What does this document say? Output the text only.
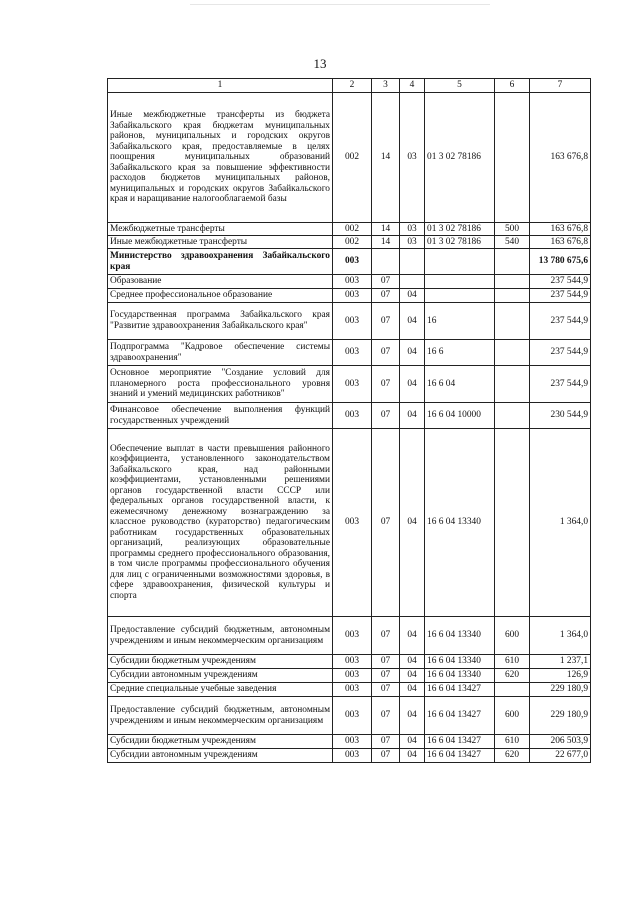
13
1	2	3	4	5	6	7
Иные межбюджетные трансферты из бюджета Забайкальского края бюджетам муниципальных районов, муниципальных и городских округов Забайкальского края, предоставляемые в целях поощрения муниципальных образований Забайкальского края за повышение эффективности расходов бюджетов муниципальных районов, муниципальных и городских округов Забайкальского края и наращивание налогооблагаемой базы	002	14	03	01 3 02 78186		163 676,8
Межбюджетные трансферты	002	14	03	01 3 02 78186	500	163 676,8
Иные межбюджетные трансферты	002	14	03	01 3 02 78186	540	163 676,8
Министерство здравоохранения Забайкальского края	003					13 780 675,6
Образование	003	07				237 544,9
Среднее профессиональное образование	003	07	04			237 544,9
Государственная программа Забайкальского края "Развитие здравоохранения Забайкальского края"	003	07	04	16		237 544,9
Подпрограмма "Кадровое обеспечение системы здравоохранения"	003	07	04	16 6		237 544,9
Основное мероприятие "Создание условий для планомерного роста профессионального уровня знаний и умений медицинских работников"	003	07	04	16 6 04		237 544,9
Финансовое обеспечение выполнения функций государственных учреждений	003	07	04	16 6 04 10000		230 544,9
Обеспечение выплат в части превышения районного коэффициента, установленного законодательством Забайкальского края, над районными коэффициентами, установленными решениями органов государственной власти СССР или федеральных органов государственной власти, к ежемесячному денежному вознаграждению за классное руководство (кураторство) педагогическим работникам государственных образовательных организаций, реализующих образовательные программы среднего профессионального образования, в том числе программы профессионального обучения для лиц с ограниченными возможностями здоровья, в сфере здравоохранения, физической культуры и спорта	003	07	04	16 6 04 13340		1 364,0
Предоставление субсидий бюджетным, автономным учреждениям и иным некоммерческим организациям	003	07	04	16 6 04 13340	600	1 364,0
Субсидии бюджетным учреждениям	003	07	04	16 6 04 13340	610	1 237,1
Субсидии автономным учреждениям	003	07	04	16 6 04 13340	620	126,9
Средние специальные учебные заведения	003	07	04	16 6 04 13427		229 180,9
Предоставление субсидий бюджетным, автономным учреждениям и иным некоммерческим организациям	003	07	04	16 6 04 13427	600	229 180,9
Субсидии бюджетным учреждениям	003	07	04	16 6 04 13427	610	206 503,9
Субсидии автономным учреждениям	003	07	04	16 6 04 13427	620	22 677,0
